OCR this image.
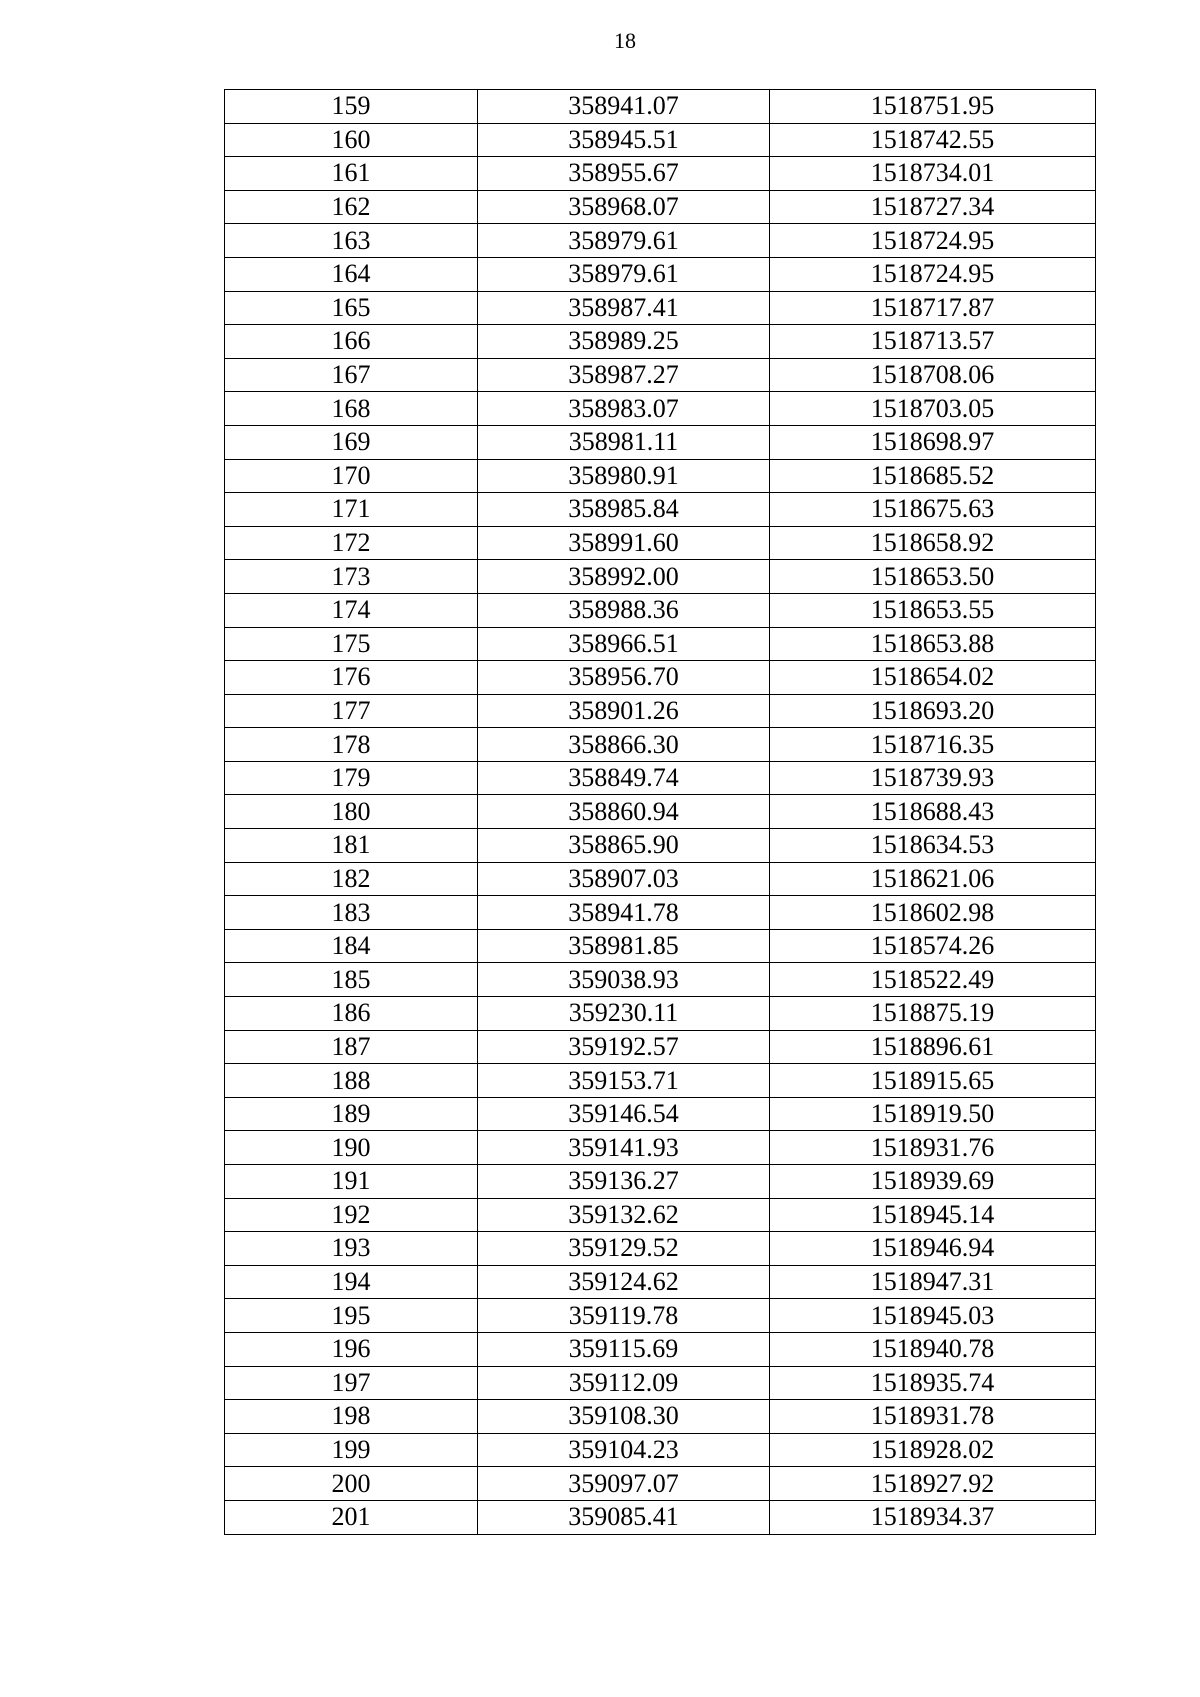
18
159	358941.07	1518751.95
160	358945.51	1518742.55
161	358955.67	1518734.01
162	358968.07	1518727.34
163	358979.61	1518724.95
164	358979.61	1518724.95
165	358987.41	1518717.87
166	358989.25	1518713.57
167	358987.27	1518708.06
168	358983.07	1518703.05
169	358981.11	1518698.97
170	358980.91	1518685.52
171	358985.84	1518675.63
172	358991.60	1518658.92
173	358992.00	1518653.50
174	358988.36	1518653.55
175	358966.51	1518653.88
176	358956.70	1518654.02
177	358901.26	1518693.20
178	358866.30	1518716.35
179	358849.74	1518739.93
180	358860.94	1518688.43
181	358865.90	1518634.53
182	358907.03	1518621.06
183	358941.78	1518602.98
184	358981.85	1518574.26
185	359038.93	1518522.49
186	359230.11	1518875.19
187	359192.57	1518896.61
188	359153.71	1518915.65
189	359146.54	1518919.50
190	359141.93	1518931.76
191	359136.27	1518939.69
192	359132.62	1518945.14
193	359129.52	1518946.94
194	359124.62	1518947.31
195	359119.78	1518945.03
196	359115.69	1518940.78
197	359112.09	1518935.74
198	359108.30	1518931.78
199	359104.23	1518928.02
200	359097.07	1518927.92
201	359085.41	1518934.37
